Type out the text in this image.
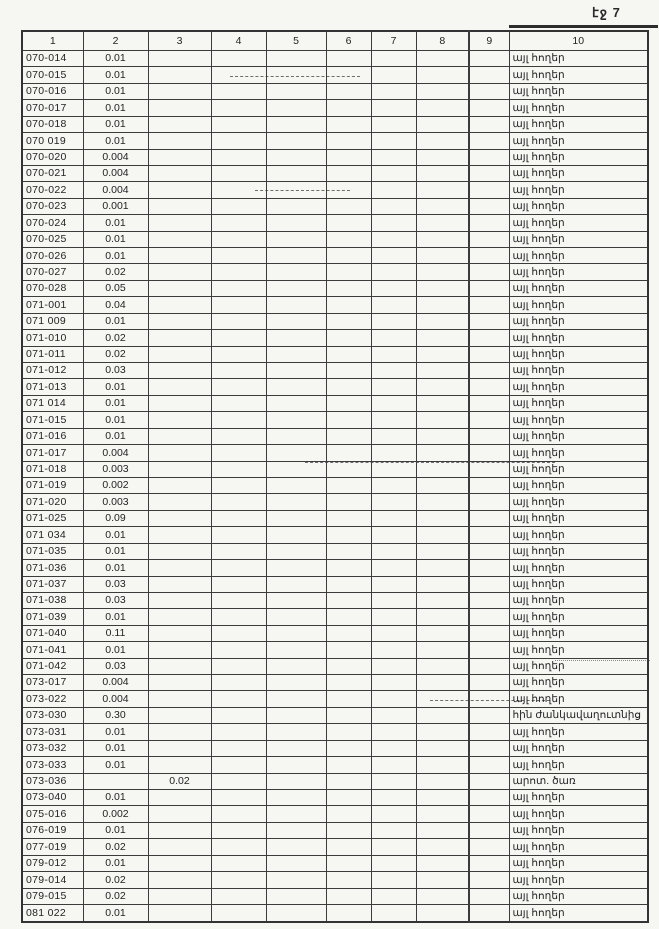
էջ 7
1	2	3	4	5	6	7	8	9	10
070-014	0.01								այլ հողեր
070-015	0.01								այլ հողեր
070-016	0.01								այլ հողեր
070-017	0.01								այլ հողեր
070-018	0.01								այլ հողեր
070 019	0.01								այլ հողեր
070-020	0.004								այլ հողեր
070-021	0.004								այլ հողեր
070-022	0.004								այլ հողեր
070-023	0.001								այլ հողեր
070-024	0.01								այլ հողեր
070-025	0.01								այլ հողեր
070-026	0.01								այլ հողեր
070-027	0.02								այլ հողեր
070-028	0.05								այլ հողեր
071-001	0.04								այլ հողեր
071 009	0.01								այլ հողեր
071-010	0.02								այլ հողեր
071-011	0.02								այլ հողեր
071-012	0.03								այլ հողեր
071-013	0.01								այլ հողեր
071 014	0.01								այլ հողեր
071-015	0.01								այլ հողեր
071-016	0.01								այլ հողեր
071-017	0.004								այլ հողեր
071-018	0.003								այլ հողեր
071-019	0.002								այլ հողեր
071-020	0.003								այլ հողեր
071-025	0.09								այլ հողեր
071 034	0.01								այլ հողեր
071-035	0.01								այլ հողեր
071-036	0.01								այլ հողեր
071-037	0.03								այլ հողեր
071-038	0.03								այլ հողեր
071-039	0.01								այլ հողեր
071-040	0.11								այլ հողեր
071-041	0.01								այլ հողեր
071-042	0.03								այլ հողեր
073-017	0.004								այլ հողեր
073-022	0.004								այլ հողեր
073-030	0.30								հին ժանկավաղուտնից
073-031	0.01								այլ հողեր
073-032	0.01								այլ հողեր
073-033	0.01								այլ հողեր
073-036		0.02							արոտ. ծառ
073-040	0.01								այլ հողեր
075-016	0.002								այլ հողեր
076-019	0.01								այլ հողեր
077-019	0.02								այլ հողեր
079-012	0.01								այլ հողեր
079-014	0.02								այլ հողեր
079-015	0.02								այլ հողեր
081 022	0.01								այլ հողեր
